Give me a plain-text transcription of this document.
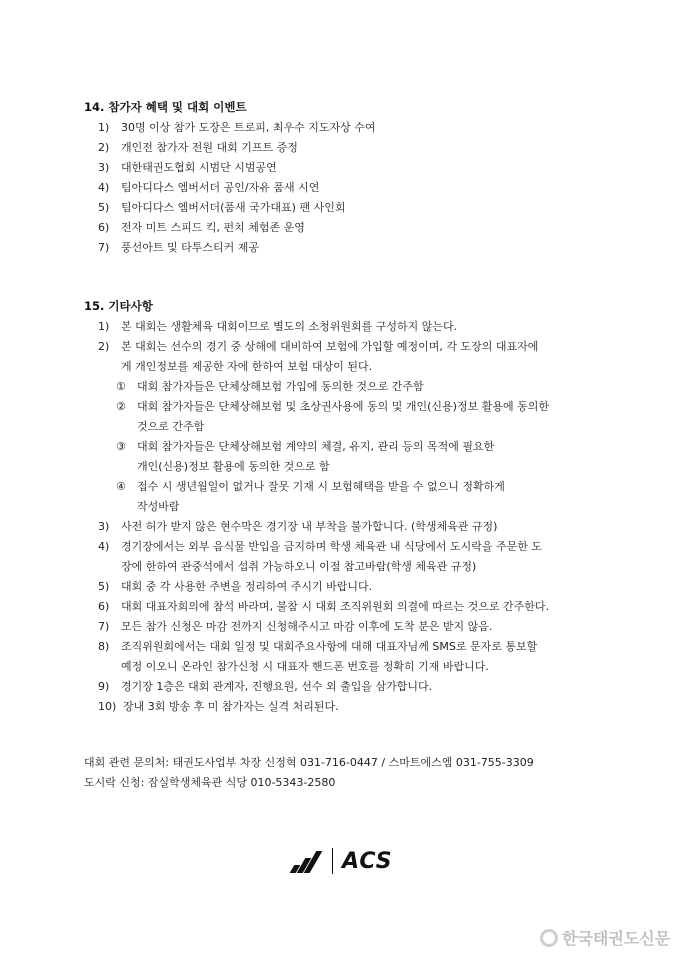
14. 참가자 혜택 및 대회 이벤트
1) 30명 이상 참가 도장은 트로피, 최우수 지도자상 수여
2) 개인전 참가자 전원 대회 기프트 증정
3) 대한태권도협회 시범단 시범공연
4) 팀아디다스 엠버서더 공인/자유 품새 시연
5) 팀아디다스 엠버서더(품새 국가대표) 팬 사인회
6) 전자 미트 스피드 킥, 펀치 체험존 운영
7) 풍선아트 및 타투스티커 제공
15. 기타사항
1) 본 대회는 생활체육 대회이므로 별도의 소청위원회를 구성하지 않는다.
2) 본 대회는 선수의 경기 중 상해에 대비하여 보험에 가입할 예정이며, 각 도장의 대표자에
게 개인정보를 제공한 자에 한하여 보험 대상이 된다.
① 대회 참가자들은 단체상해보험 가입에 동의한 것으로 간주함
② 대회 참가자들은 단체상해보험 및 초상권사용에 동의 및 개인(신용)정보 활용에 동의한
것으로 간주함
③ 대회 참가자들은 단체상해보험 계약의 체결, 유지, 관리 등의 목적에 필요한
개인(신용)정보 활용에 동의한 것으로 함
④ 접수 시 생년월일이 없거나 잘못 기재 시 보험혜택을 받을 수 없으니 정확하게
작성바람
3) 사전 허가 받지 않은 현수막은 경기장 내 부착을 불가합니다. (학생체육관 규정)
4) 경기장에서는 외부 음식물 반입을 금지하며 학생 체육관 내 식당에서 도시락을 주문한 도
장에 한하여 관중석에서 섭취 가능하오니 이점 참고바람(학생 체육관 규정)
5) 대회 중 각 사용한 주변을 정리하여 주시기 바랍니다.
6) 대회 대표자회의에 참석 바라며, 불참 시 대회 조직위원회 의결에 따르는 것으로 간주한다.
7) 모든 참가 신청은 마감 전까지 신청해주시고 마감 이후에 도착 분은 받지 않음.
8) 조직위원회에서는 대회 일정 및 대회주요사항에 대해 대표자님께 SMS로 문자로 통보할
예정 이오니 온라인 참가신청 시 대표자 핸드폰 번호를 정확히 기재 바랍니다.
9) 경기장 1층은 대회 관계자, 진행요원, 선수 외 출입을 삼가합니다.
10) 장내 3회 방송 후 미 참가자는 실격 처리된다.
대회 관련 문의처: 태권도사업부 차장 신정혁 031-716-0447 / 스마트에스엠 031-755-3309
도시락 신청: 잠실학생체육관 식당 010-5343-2580
ACS
한국태권도신문
